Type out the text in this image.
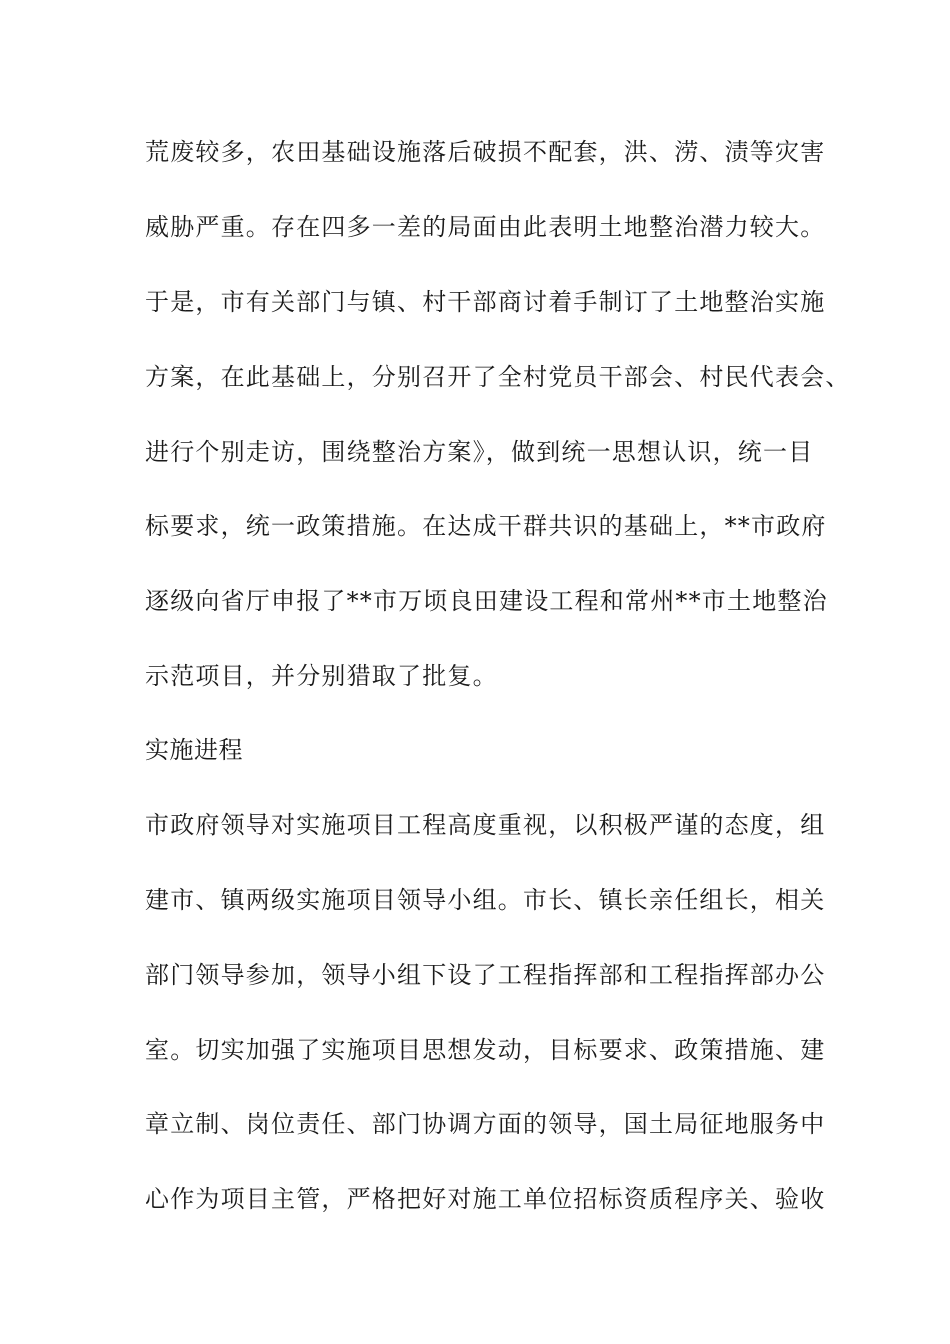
荒废较多，农田基础设施落后破损不配套，洪、涝、渍等灾害
威胁严重。存在四多一差的局面由此表明土地整治潜力较大。
于是，市有关部门与镇、村干部商讨着手制订了土地整治实施
方案，在此基础上，分别召开了全村党员干部会、村民代表会、
进行个别走访，围绕整治方案》，做到统一思想认识，统一目
标要求，统一政策措施。在达成干群共识的基础上，**市政府
逐级向省厅申报了**市万顷良田建设工程和常州**市土地整治
示范项目，并分别猎取了批复。
实施进程
市政府领导对实施项目工程高度重视，以积极严谨的态度，组
建市、镇两级实施项目领导小组。市长、镇长亲任组长，相关
部门领导参加，领导小组下设了工程指挥部和工程指挥部办公
室。切实加强了实施项目思想发动，目标要求、政策措施、建
章立制、岗位责任、部门协调方面的领导，国土局征地服务中
心作为项目主管，严格把好对施工单位招标资质程序关、验收
